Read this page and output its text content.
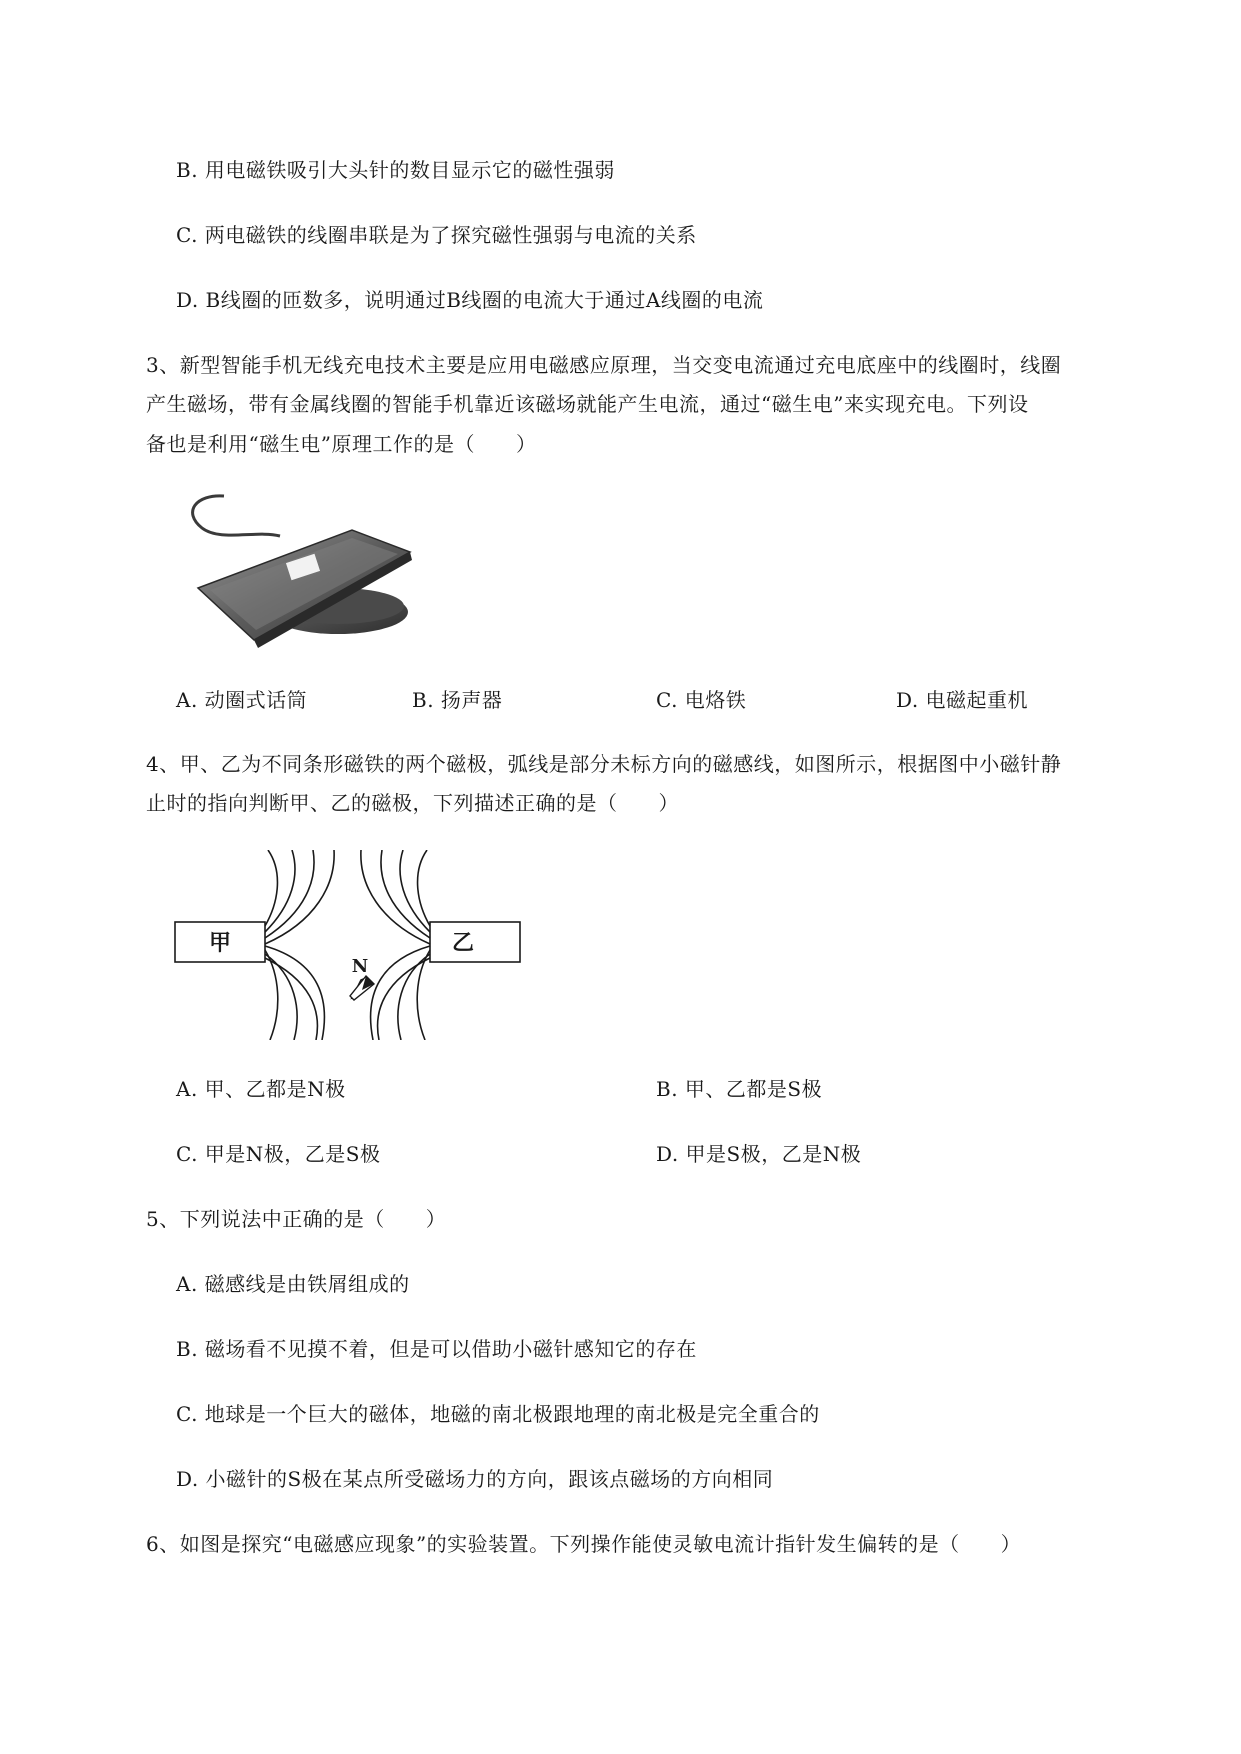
B. 用电磁铁吸引大头针的数目显示它的磁性强弱
C. 两电磁铁的线圈串联是为了探究磁性强弱与电流的关系
D. B线圈的匝数多，说明通过B线圈的电流大于通过A线圈的电流
3、新型智能手机无线充电技术主要是应用电磁感应原理，当交变电流通过充电底座中的线圈时，线圈
产生磁场，带有金属线圈的智能手机靠近该磁场就能产生电流，通过“磁生电”来实现充电。下列设
备也是利用“磁生电”原理工作的是（　　）
A. 动圈式话筒	B. 扬声器	C. 电烙铁	D. 电磁起重机
4、甲、乙为不同条形磁铁的两个磁极，弧线是部分未标方向的磁感线，如图所示，根据图中小磁针静
止时的指向判断甲、乙的磁极，下列描述正确的是（　　）
甲	乙
N
A. 甲、乙都是N极	B. 甲、乙都是S极
C. 甲是N极，乙是S极	D. 甲是S极，乙是N极
5、下列说法中正确的是（　　）
A. 磁感线是由铁屑组成的
B. 磁场看不见摸不着，但是可以借助小磁针感知它的存在
C. 地球是一个巨大的磁体，地磁的南北极跟地理的南北极是完全重合的
D. 小磁针的S极在某点所受磁场力的方向，跟该点磁场的方向相同
6、如图是探究“电磁感应现象”的实验装置。下列操作能使灵敏电流计指针发生偏转的是（　　）
